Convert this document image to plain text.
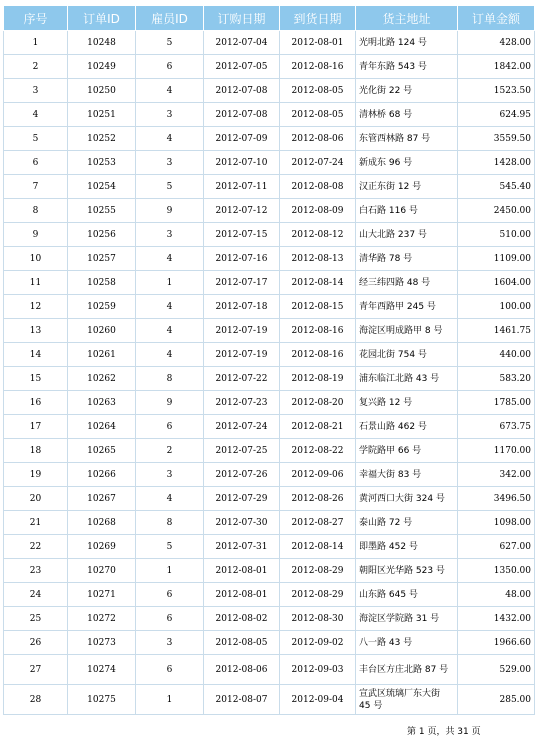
序号	订单ID	雇员ID	订购日期	到货日期	货主地址	订单金额
1	10248	5	2012-07-04	2012-08-01	光明北路 124 号	428.00
2	10249	6	2012-07-05	2012-08-16	青年东路 543 号	1842.00
3	10250	4	2012-07-08	2012-08-05	光化街 22 号	1523.50
4	10251	3	2012-07-08	2012-08-05	清林桥 68 号	624.95
5	10252	4	2012-07-09	2012-08-06	东管西林路 87 号	3559.50
6	10253	3	2012-07-10	2012-07-24	新成东 96 号	1428.00
7	10254	5	2012-07-11	2012-08-08	汉正东街 12 号	545.40
8	10255	9	2012-07-12	2012-08-09	白石路 116 号	2450.00
9	10256	3	2012-07-15	2012-08-12	山大北路 237 号	510.00
10	10257	4	2012-07-16	2012-08-13	清华路 78 号	1109.00
11	10258	1	2012-07-17	2012-08-14	经三纬四路 48 号	1604.00
12	10259	4	2012-07-18	2012-08-15	青年西路甲 245 号	100.00
13	10260	4	2012-07-19	2012-08-16	海淀区明成路甲 8 号	1461.75
14	10261	4	2012-07-19	2012-08-16	花园北街 754 号	440.00
15	10262	8	2012-07-22	2012-08-19	浦东临江北路 43 号	583.20
16	10263	9	2012-07-23	2012-08-20	复兴路 12 号	1785.00
17	10264	6	2012-07-24	2012-08-21	石景山路 462 号	673.75
18	10265	2	2012-07-25	2012-08-22	学院路甲 66 号	1170.00
19	10266	3	2012-07-26	2012-09-06	幸福大街 83 号	342.00
20	10267	4	2012-07-29	2012-08-26	黄河西口大街 324 号	3496.50
21	10268	8	2012-07-30	2012-08-27	泰山路 72 号	1098.00
22	10269	5	2012-07-31	2012-08-14	即墨路 452 号	627.00
23	10270	1	2012-08-01	2012-08-29	朝阳区光华路 523 号	1350.00
24	10271	6	2012-08-01	2012-08-29	山东路 645 号	48.00
25	10272	6	2012-08-02	2012-08-30	海淀区学院路 31 号	1432.00
26	10273	3	2012-08-05	2012-09-02	八一路 43 号	1966.60
27	10274	6	2012-08-06	2012-09-03	丰台区方庄北路 87 号	529.00
28	10275	1	2012-08-07	2012-09-04	宣武区琉璃厂东大街 45 号	285.00
第 1 页，共 31 页
